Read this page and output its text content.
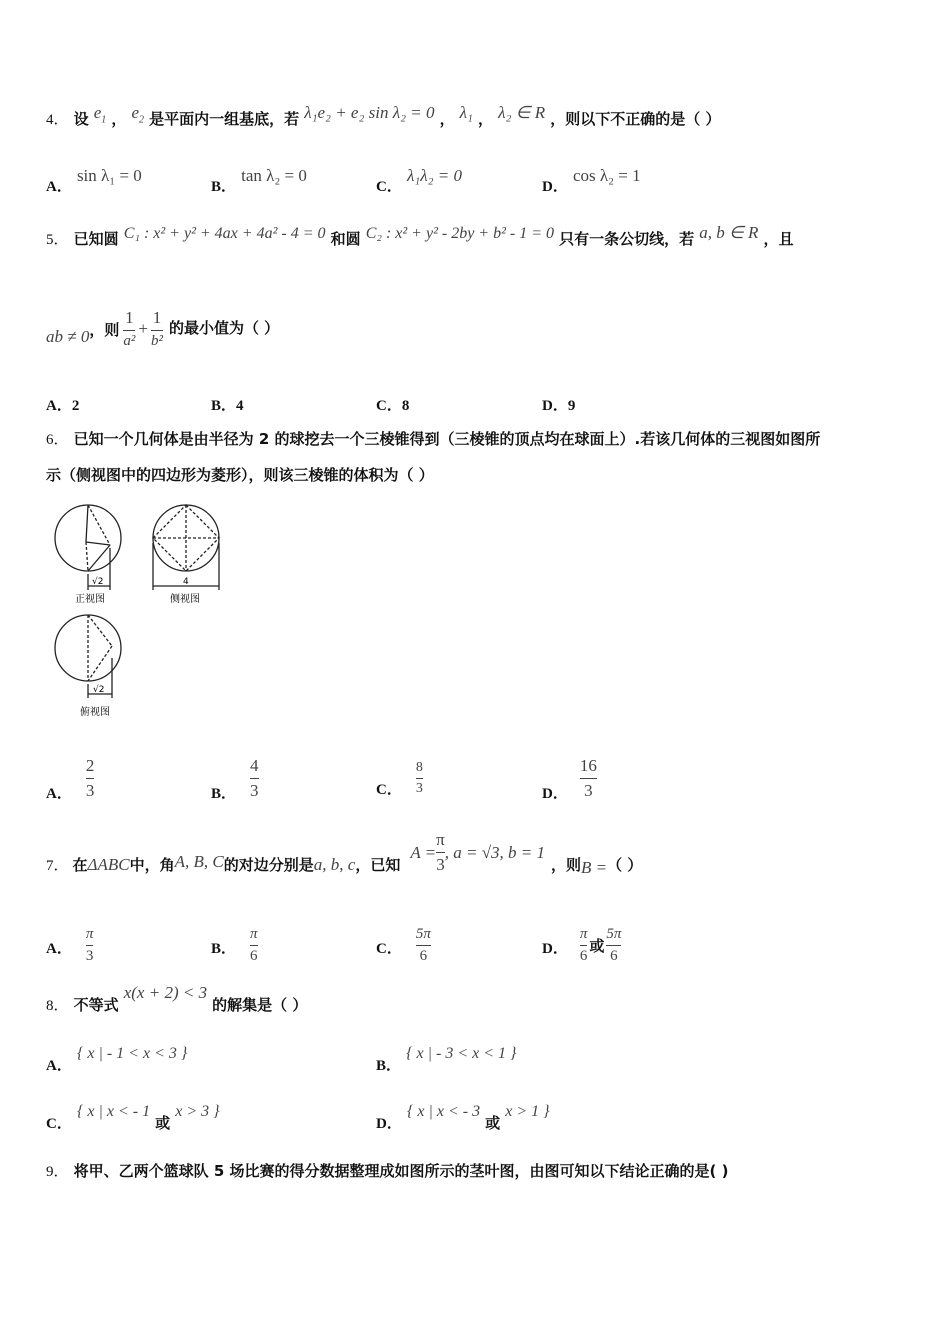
4． 设 $e_1$ ， $e_2$ 是平面内一组基底，若 λ₁e₂ + e₂ sin λ₂ = 0 ， λ₁ ， λ₂ ∈ R ，则以下不正确的是（ ）
A． sin λ₁ = 0
B． tan λ₂ = 0
C． λ₁λ₂ = 0
D． cos λ₂ = 1
5． 已知圆 C₁ : x² + y² + 4ax + 4a² - 4 = 0 和圆 C₂ : x² + y² - 2by + b² - 1 = 0 只有一条公切线，若 a, b ∈ R ，且
ab ≠ 0 ，则 $\frac{1}{\text{a²}} + \frac{1}{\text{b²}}$ 的最小值为（ ）
A．2	B．4	C．8	D．9
6． 已知一个几何体是由半径为 2 的球挖去一个三棱锥得到（三棱锥的顶点均在球面上）.若该几何体的三视图如图所
示（侧视图中的四边形为菱形），则该三棱锥的体积为（ ）
√2
正视图
4
侧视图
√2
俯视图
A． $\frac{2}{3}$	B． $\frac{4}{3}$	C． $\frac{8}{3}$	D． $\frac{16}{3}$
7． 在 ΔABC 中，角 A, B, C 的对边分别是 a, b, c ，已知
$A = \frac{\pi}{3}$ , a = √3, b = 1
，则 B = （ ）
A． $\frac{\pi}{3}$	B． $\frac{\pi}{6}$	C． $\frac{5\pi}{6}$	D． $\frac{\pi}{6}$ 或 $\frac{5\pi}{6}$
8． 不等式 x(x + 2) < 3 的解集是（ ）
A． { x | - 1 < x < 3 }
B． { x | - 3 < x < 1 }
C． { x | x < - 1 或 x > 3 }
D． { x | x < - 3 或 x > 1 }
9． 将甲、乙两个篮球队 5 场比赛的得分数据整理成如图所示的茎叶图，由图可知以下结论正确的是( )
